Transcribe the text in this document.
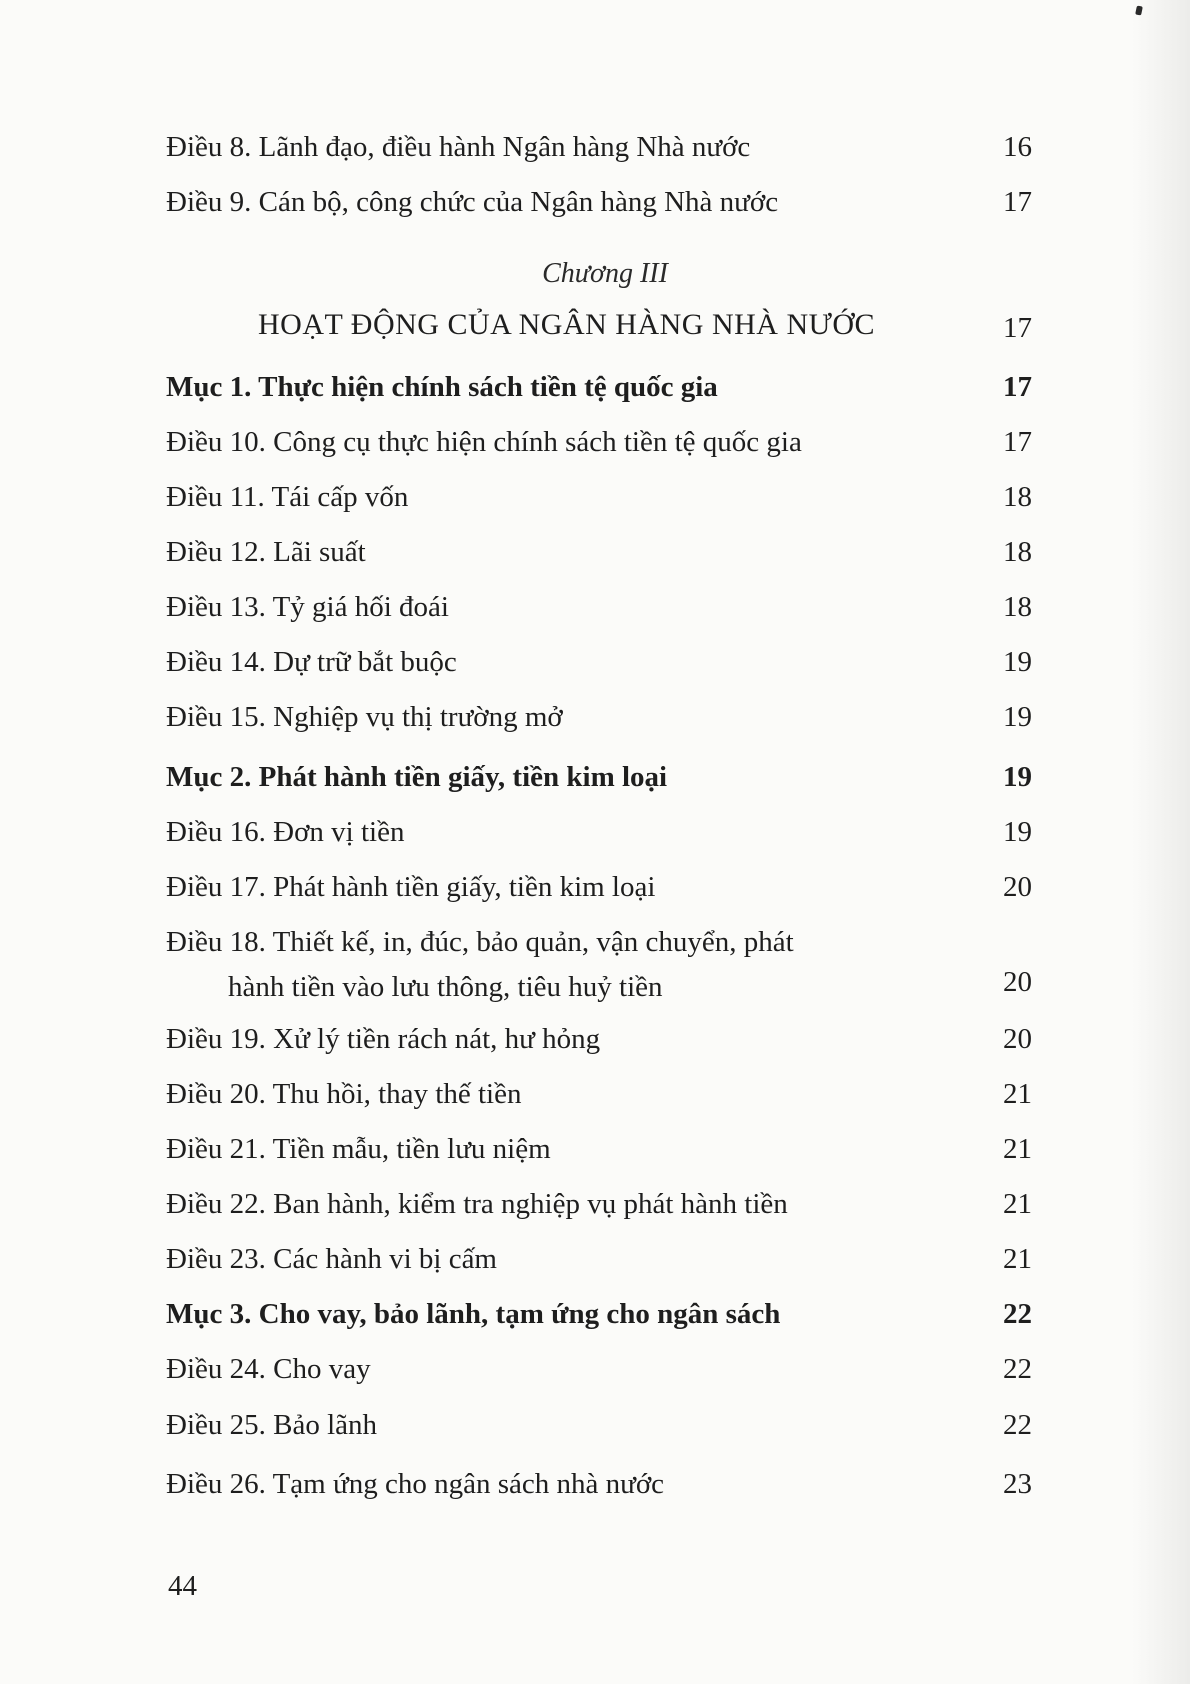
Điều 8. Lãnh đạo, điều hành Ngân hàng Nhà nước	16
Điều 9. Cán bộ, công chức của Ngân hàng Nhà nước	17
Chương III
HOẠT ĐỘNG CỦA NGÂN HÀNG NHÀ NƯỚC	17
Mục 1. Thực hiện chính sách tiền tệ quốc gia	17
Điều 10. Công cụ thực hiện chính sách tiền tệ quốc gia	17
Điều 11. Tái cấp vốn	18
Điều 12. Lãi suất	18
Điều 13. Tỷ giá hối đoái	18
Điều 14. Dự trữ bắt buộc	19
Điều 15. Nghiệp vụ thị trường mở	19
Mục 2. Phát hành tiền giấy, tiền kim loại	19
Điều 16. Đơn vị tiền	19
Điều 17. Phát hành tiền giấy, tiền kim loại	20
Điều 18. Thiết kế, in, đúc, bảo quản, vận chuyển, phát
hành tiền vào lưu thông, tiêu huỷ tiền	20
Điều 19. Xử lý tiền rách nát, hư hỏng	20
Điều 20. Thu hồi, thay thế tiền	21
Điều 21. Tiền mẫu, tiền lưu niệm	21
Điều 22. Ban hành, kiểm tra nghiệp vụ phát hành tiền	21
Điều 23. Các hành vi bị cấm	21
Mục 3. Cho vay, bảo lãnh, tạm ứng cho ngân sách	22
Điều 24. Cho vay	22
Điều 25. Bảo lãnh	22
Điều 26. Tạm ứng cho ngân sách nhà nước	23
44
